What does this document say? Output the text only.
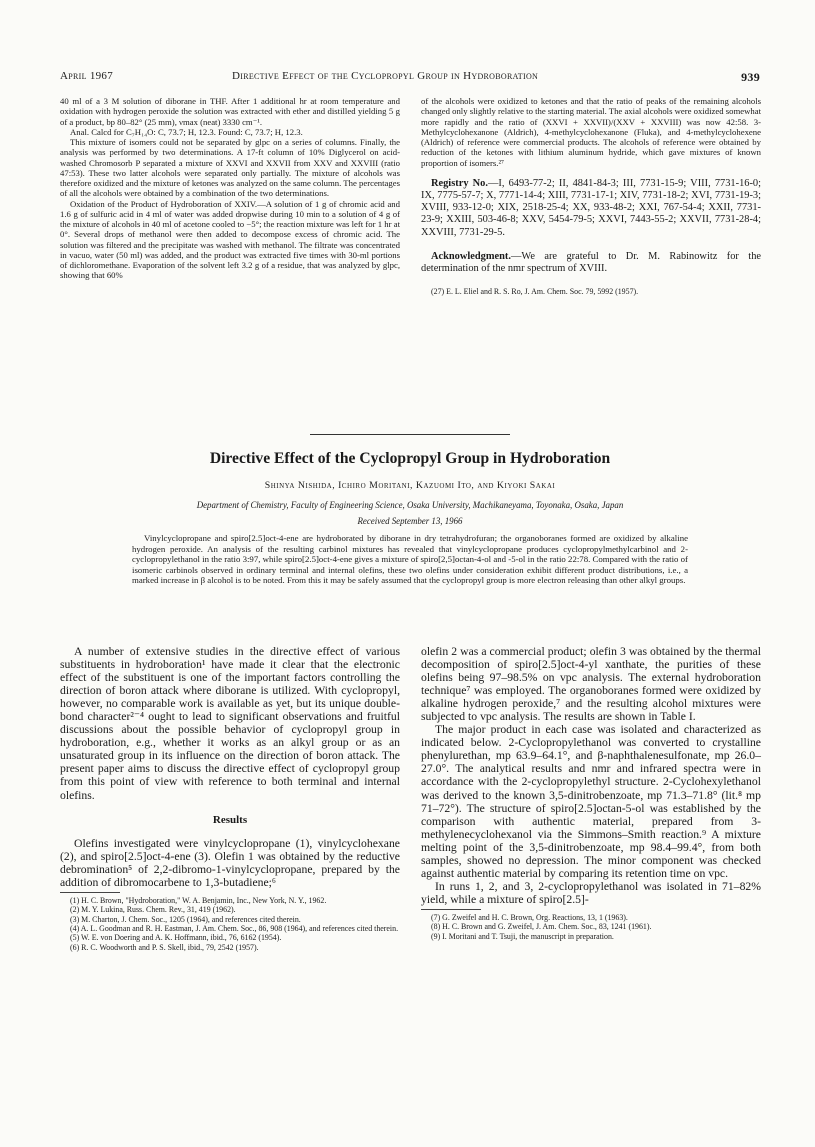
April 1967	Directive Effect of the Cyclopropyl Group in Hydroboration	939

40 ml of a 3 M solution of diborane in THF. After 1 additional hr at room temperature and oxidation with hydrogen peroxide the solution was extracted with ether and distilled yielding 5 g of a product, bp 80–82° (25 mm), νmax (neat) 3330 cm⁻¹.

Anal. Calcd for C₇H₁₄O: C, 73.7; H, 12.3. Found: C, 73.7; H, 12.3.

This mixture of isomers could not be separated by glpc on a series of columns. Finally, the analysis was performed by two determinations. A 17-ft column of 10% Diglycerol on acid-washed Chromosorb P separated a mixture of XXVI and XXVII from XXV and XXVIII (ratio 47:53). These two latter alcohols were separated only partially. The mixture of alcohols was therefore oxidized and the mixture of ketones was analyzed on the same column. The percentages of all the alcohols were obtained by a combination of the two determinations.

Oxidation of the Product of Hydroboration of XXIV.—A solution of 1 g of chromic acid and 1.6 g of sulfuric acid in 4 ml of water was added dropwise during 10 min to a solution of 4 g of the mixture of alcohols in 40 ml of acetone cooled to −5°; the reaction mixture was left for 1 hr at 0°. Several drops of methanol were then added to decompose excess of chromic acid. The solution was filtered and the precipitate was washed with methanol. The filtrate was concentrated in vacuo, water (50 ml) was added, and the product was extracted five times with 30-ml portions of dichloromethane. Evaporation of the solvent left 3.2 g of a residue, that was analyzed by glpc, showing that 60%

of the alcohols were oxidized to ketones and that the ratio of peaks of the remaining alcohols changed only slightly relative to the starting material. The axial alcohols were oxidized somewhat more rapidly and the ratio of (XXVI + XXVII)/(XXV + XXVIII) was now 42:58. 3-Methylcyclohexanone (Aldrich), 4-methylcyclohexanone (Fluka), and 4-methylcyclohexene (Aldrich) of reference were commercial products. The alcohols of reference were obtained by reduction of the ketones with lithium aluminum hydride, which gave mixtures of known proportion of isomers.²⁷

Registry No.—I, 6493-77-2; II, 4841-84-3; III, 7731-15-9; VIII, 7731-16-0; IX, 7775-57-7; X, 7771-14-4; XIII, 7731-17-1; XIV, 7731-18-2; XVI, 7731-19-3; XVIII, 933-12-0; XIX, 2518-25-4; XX, 933-48-2; XXI, 767-54-4; XXII, 7731-23-9; XXIII, 503-46-8; XXV, 5454-79-5; XXVI, 7443-55-2; XXVII, 7731-28-4; XXVIII, 7731-29-5.

Acknowledgment.—We are grateful to Dr. M. Rabinowitz for the determination of the nmr spectrum of XVIII.

(27) E. L. Eliel and R. S. Ro, J. Am. Chem. Soc. 79, 5992 (1957).

Directive Effect of the Cyclopropyl Group in Hydroboration
Shinya Nishida, Ichiro Moritani, Kazuomi Ito, and Kiyoki Sakai
Department of Chemistry, Faculty of Engineering Science, Osaka University, Machikaneyama, Toyonaka, Osaka, Japan
Received September 13, 1966
Vinylcyclopropane and spiro[2.5]oct-4-ene are hydroborated by diborane in dry tetrahydrofuran; the organoboranes formed are oxidized by alkaline hydrogen peroxide. An analysis of the resulting carbinol mixtures has revealed that vinylcyclopropane produces cyclopropylmethylcarbinol and 2-cyclopropylethanol in the ratio 3:97, while spiro[2.5]oct-4-ene gives a mixture of spiro[2,5]octan-4-ol and -5-ol in the ratio 22:78. Compared with the ratio of isomeric carbinols observed in ordinary terminal and internal olefins, these two olefins under consideration exhibit different product distributions, i.e., a marked increase in β alcohol is to be noted. From this it may be safely assumed that the cyclopropyl group is more electron releasing than other alkyl groups.

A number of extensive studies in the directive effect of various substituents in hydroboration¹ have made it clear that the electronic effect of the substituent is one of the important factors controlling the direction of boron attack where diborane is utilized. With cyclopropyl, however, no comparable work is available as yet, but its unique double-bond character²⁻⁴ ought to lead to significant observations and fruitful discussions about the possible behavior of cyclopropyl group in hydroboration, e.g., whether it works as an alkyl group or as an unsaturated group in its influence on the direction of boron attack. The present paper aims to discuss the directive effect of cyclopropyl group from this point of view with reference to both terminal and internal olefins.

Results

Olefins investigated were vinylcyclopropane (1), vinylcyclohexane (2), and spiro[2.5]oct-4-ene (3). Olefin 1 was obtained by the reductive debromination⁵ of 2,2-dibromo-1-vinylcyclopropane, prepared by the addition of dibromocarbene to 1,3-butadiene;⁶

(1) H. C. Brown, "Hydroboration," W. A. Benjamin, Inc., New York, N. Y., 1962.

(2) M. Y. Lukina, Russ. Chem. Rev., 31, 419 (1962).

(3) M. Charton, J. Chem. Soc., 1205 (1964), and references cited therein.

(4) A. L. Goodman and R. H. Eastman, J. Am. Chem. Soc., 86, 908 (1964), and references cited therein.

(5) W. E. von Doering and A. K. Hoffmann, ibid., 76, 6162 (1954).

(6) R. C. Woodworth and P. S. Skell, ibid., 79, 2542 (1957).

olefin 2 was a commercial product; olefin 3 was obtained by the thermal decomposition of spiro[2.5]oct-4-yl xanthate, the purities of these olefins being 97–98.5% on vpc analysis. The external hydroboration technique⁷ was employed. The organoboranes formed were oxidized by alkaline hydrogen peroxide,⁷ and the resulting alcohol mixtures were subjected to vpc analysis. The results are shown in Table I.

The major product in each case was isolated and characterized as indicated below. 2-Cyclopropylethanol was converted to crystalline phenylurethan, mp 63.9–64.1°, and β-naphthalenesulfonate, mp 26.0–27.0°. The analytical results and nmr and infrared spectra were in accordance with the 2-cyclopropylethyl structure. 2-Cyclohexylethanol was derived to the known 3,5-dinitrobenzoate, mp 71.3–71.8° (lit.⁸ mp 71–72°). The structure of spiro[2.5]octan-5-ol was established by the comparison with authentic material, prepared from 3-methylenecyclohexanol via the Simmons–Smith reaction.⁹ A mixture melting point of the 3,5-dinitrobenzoate, mp 98.4–99.4°, from both samples, showed no depression. The minor component was checked against authentic material by comparing its retention time on vpc.

In runs 1, 2, and 3, 2-cyclopropylethanol was isolated in 71–82% yield, while a mixture of spiro[2.5]-

(7) G. Zweifel and H. C. Brown, Org. Reactions, 13, 1 (1963).

(8) H. C. Brown and G. Zweifel, J. Am. Chem. Soc., 83, 1241 (1961).

(9) I. Moritani and T. Tsuji, the manuscript in preparation.
